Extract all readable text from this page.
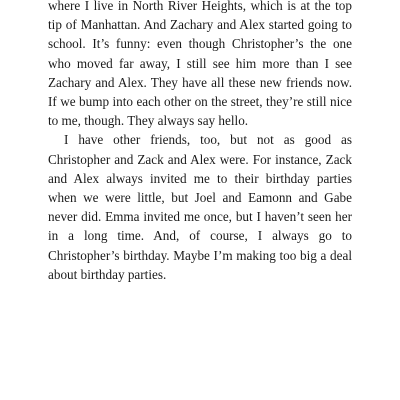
where I live in North River Heights, which is at the top tip of Manhattan. And Zachary and Alex started going to school. It’s funny: even though Christopher’s the one who moved far away, I still see him more than I see Zachary and Alex. They have all these new friends now. If we bump into each other on the street, they’re still nice to me, though. They always say hello.

I have other friends, too, but not as good as Christopher and Zack and Alex were. For instance, Zack and Alex always invited me to their birthday parties when we were little, but Joel and Eamonn and Gabe never did. Emma invited me once, but I haven’t seen her in a long time. And, of course, I always go to Christopher’s birthday. Maybe I’m making too big a deal about birthday parties.
